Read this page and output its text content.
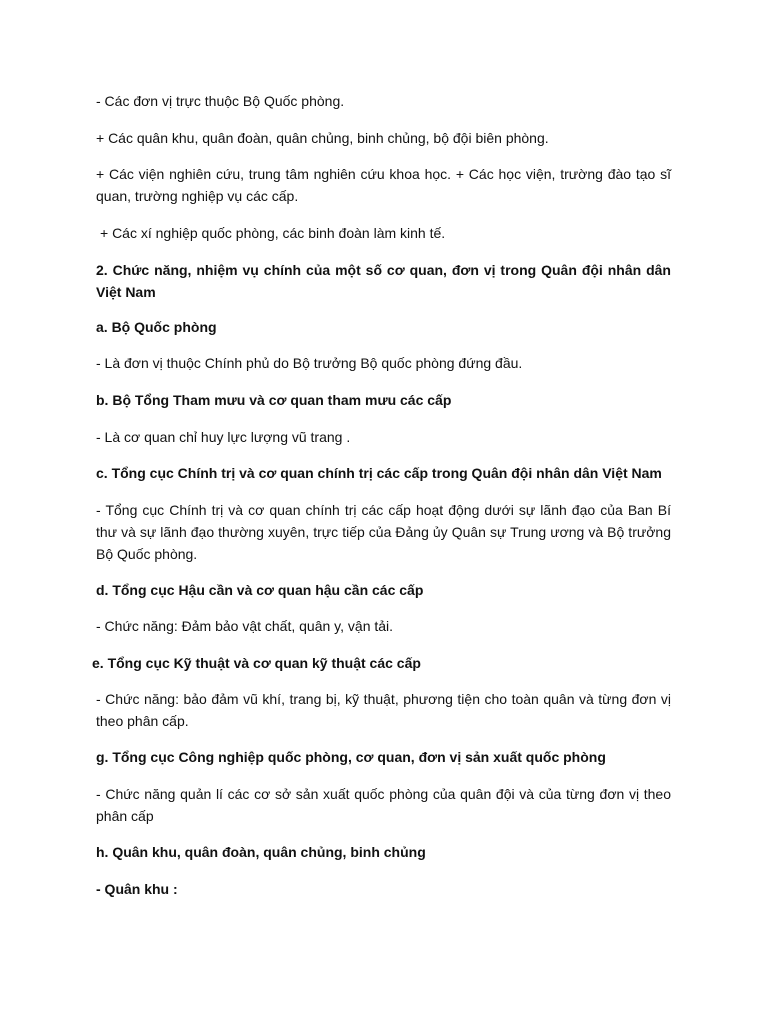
- Các đơn vị trực thuộc Bộ Quốc phòng.

+ Các quân khu, quân đoàn, quân chủng, binh chủng, bộ đội biên phòng.

+ Các viện nghiên cứu, trung tâm nghiên cứu khoa học. + Các học viện, trường đào tạo sĩ quan, trường nghiệp vụ các cấp.

+ Các xí nghiệp quốc phòng, các binh đoàn làm kinh tế.

2. Chức năng, nhiệm vụ chính của một số cơ quan, đơn vị trong Quân đội nhân dân Việt Nam

a. Bộ Quốc phòng

- Là đơn vị thuộc Chính phủ do Bộ trưởng Bộ quốc phòng đứng đầu.

b. Bộ Tổng Tham mưu và cơ quan tham mưu các cấp

- Là cơ quan chỉ huy lực lượng vũ trang .

c. Tổng cục Chính trị và cơ quan chính trị các cấp trong Quân đội nhân dân Việt Nam

- Tổng cục Chính trị và cơ quan chính trị các cấp hoạt động dưới sự lãnh đạo của Ban Bí thư và sự lãnh đạo thường xuyên, trực tiếp của Đảng ủy Quân sự Trung ương và Bộ trưởng Bộ Quốc phòng.

d. Tổng cục Hậu cần và cơ quan hậu cần các cấp

- Chức năng: Đảm bảo vật chất, quân y, vận tải.

e. Tổng cục Kỹ thuật và cơ quan kỹ thuật các cấp

- Chức năng: bảo đảm vũ khí, trang bị, kỹ thuật, phương tiện cho toàn quân và từng đơn vị theo phân cấp.

g. Tổng cục Công nghiệp quốc phòng, cơ quan, đơn vị sản xuất quốc phòng

- Chức năng quản lí các cơ sở sản xuất quốc phòng của quân đội và của từng đơn vị theo phân cấp

h. Quân khu, quân đoàn, quân chủng, binh chủng

- Quân khu :
